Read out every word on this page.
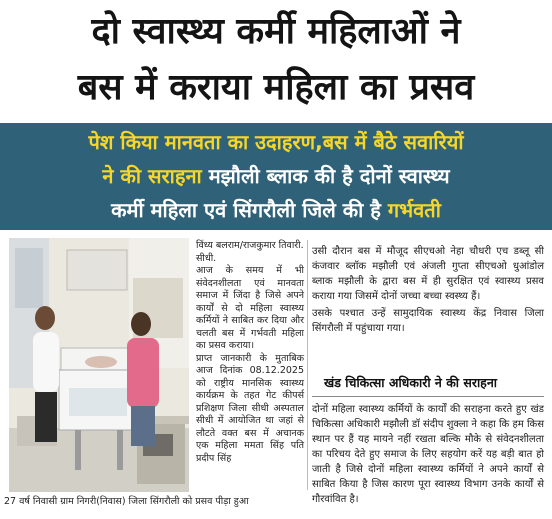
दो स्वास्थ्य कर्मी महिलाओं ने
बस में कराया महिला का प्रसव
पेश किया मानवता का उदाहरण,बस में बैठे सवारियों
ने की सराहना मझौली ब्लाक की है दोनों स्वास्थ्य
कर्मी महिला एवं सिंगरौली जिले की है गर्भवती
27 वर्ष निवासी ग्राम निगरी(निवास) जिला सिंगरौली को प्रसव पीड़ा हुआ

विंध्य बलराम/राजकुमार तिवारी.

सीधी.

आज के समय में भी संवेदनशीलता एवं मानवता समाज में जिंदा है जिसे अपने कार्यों से दो महिला स्वास्थ्य कर्मियों ने साबित कर दिया और चलती बस में गर्भवती महिला का प्रसव कराया।

प्राप्त जानकारी के मुताबिक आज दिनांक 08.12.2025 को राष्ट्रीय मानसिक स्वास्थ्य कार्यक्रम के तहत गेट कीपर्स प्रशिक्षण जिला सीधी अस्पताल सीधी में आयोजित था जहां से लौटते वक्त बस में अचानक एक महिला ममता सिंह पति प्रदीप सिंह

उसी दौरान बस में मौजूद सीएचओ नेहा चौधरी एच डब्लू सी कंजवार ब्लॉक मझौली एवं अंजली गुप्ता सीएचओ धुआंडोल ब्लाक मझौली के द्वारा बस में ही सुरक्षित एवं स्वास्थ्य प्रसव कराया गया जिसमें दोनों जच्चा बच्चा स्वस्थ्य हैं।

उसके पश्चात उन्हें सामुदायिक स्वास्थ्य केंद्र निवास जिला सिंगरौली में पहुंचाया गया।

खंड चिकित्सा अधिकारी ने की सराहना

दोनों महिला स्वास्थ्य कर्मियों के कार्यों की सराहना करते हुए खंड चिकित्सा अधिकारी मझौली डॉ संदीप शुक्ला ने कहा कि हम किस स्थान पर हैं यह मायने नहीं रखता बल्कि मौके से संवेदनशीलता का परिचय देते हुए समाज के लिए सहयोग करें यह बड़ी बात हो जाती है जिसे दोनों महिला स्वास्थ्य कर्मियों ने अपने कार्यों से साबित किया है जिस कारण पूरा स्वास्थ्य विभाग उनके कार्यों से गौरवांवित है।
